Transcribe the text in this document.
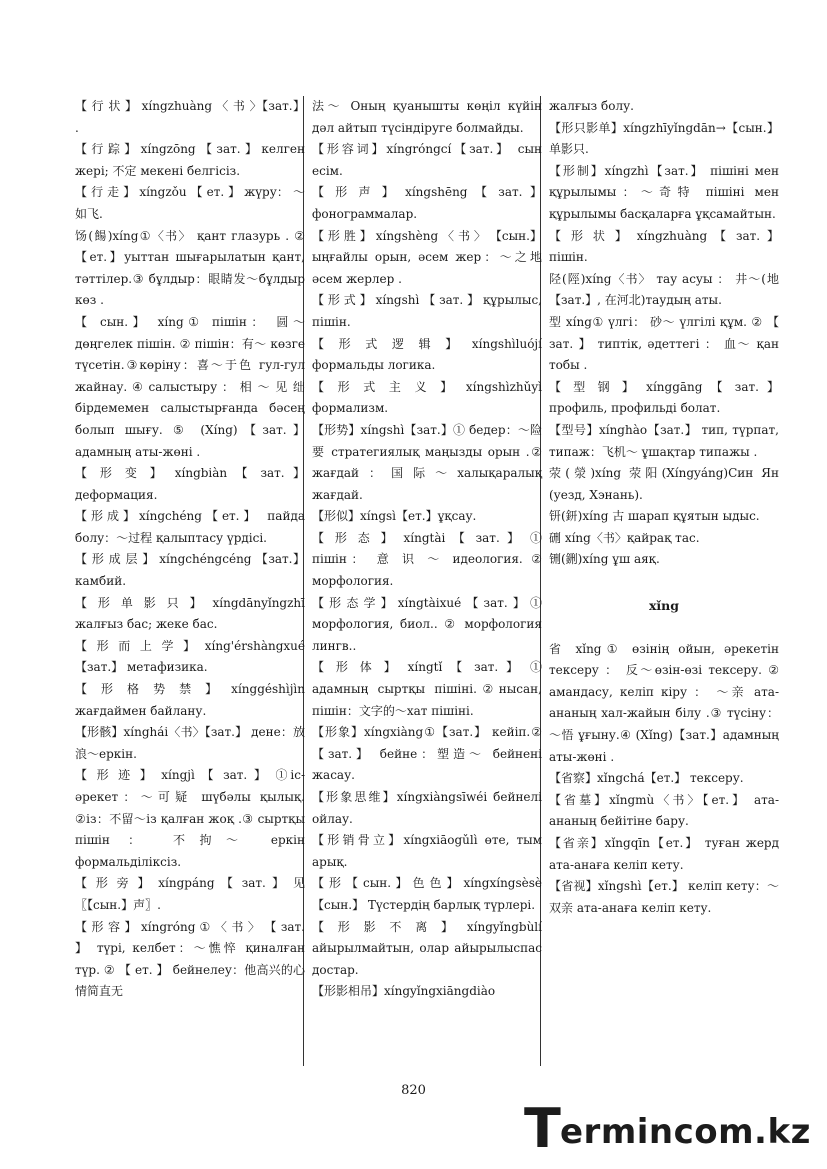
【 行 状 】 xíngzhuàng 〈 书 〉【зат.】 .

【行踪】xíngzōng【зат.】келген жері; 不定 мекені белгісіз.

【 行 走 】 xíngzǒu 【 ет. 】 жүру： ～如飞.

饧(餳)xíng①〈书〉 қант глазурь . ②【ет.】уыттан шығарылатын қант, тәттілер.③ бұлдыр：眼睛发～бұлдыр көз .

【 сын.】 xíng① пішін： 圆～ дөңгелек пішін. ② пішін：有～ көзге түсетін.③көріну：喜～于色 гул-гул жайнау. ④ салыстыру ： 相 ～ 见 绌 бірдемемен салыстырғанда бәсең болып шығу. ⑤ (Xíng)【зат.】адамның аты-жөні .

【 形 变 】 xíngbiàn 【 зат. 】 деформация.

【形成】xíngchéng【ет.】 пайда болу：～过程 қалыптасу үрдісі.

【 形 成 层 】 xíngchéngcéng 【зат.】 камбий.

【 形 单 影 只 】 xíngdānyǐngzhī жалғыз бас; жеке бас.

【 形 而 上 学 】 xíng'érshàngxué 【зат.】 метафизика.

【 形 格 势 禁 】 xínggéshìjìn жағдаймен байлану.

【形骸】xínghái〈书〉【зат.】 дене：放浪～еркін.

【 形 迹 】 xíngjì 【 зат. 】 ①іс-әрекет：～可疑 шүбәлы қылық. ②із：不留～із қалған жоқ .③ сыртқы пішін ： 不拘～ еркін формальділіксіз.

【 形 旁 】 xíngpáng 【 зат. 】 见〖【сын.】声〗.

【 形 容 】 xíngróng ① 〈 书 〉 【 зат. 】 түрі, келбет：～憔悴 қиналған түр. ② 【 ет. 】 бейнелеу：他高兴的心情简直无

法～ Оның қуанышты көңіл күйін дәл айтып түсіндіруге болмайды.

【形容词】xíngróngcí【зат.】 сын есім.

【 形 声 】 xíngshēng 【 зат. 】 фонограммалар.

【 形 胜 】 xíngshèng 〈 书 〉 【сын.】 ыңғайлы орын, әсем жер：～之地 әсем жерлер .

【 形 式 】 xíngshì 【 зат. 】 құрылыс, пішін.

【 形 式 逻 辑 】 xíngshìluójí формальды логика.

【 形 式 主 义 】 xíngshìzhǔyì формализм.

【形势】xíngshì【зат.】① бедер：～险要 стратегиялық маңызды орын .② жағдай：国际～халықаралық жағдай.

【形似】xíngsì【ет.】ұқсау.

【 形 态 】 xíngtài 【 зат. 】 ① пішін： 意 识 ～ идеология. ② морфология.

【形态学】xíngtàixué【зат.】① морфология, биол.. ② морфология лингв..

【 形 体 】 xíngtǐ 【 зат. 】 ① адамның сыртқы пішіні.②нысан, пішін：文字的～хат пішіні.

【形象】xíngxiàng①【зат.】 кейіп.②【зат.】 бейне：塑造～ бейнені жасау.

【形象思维】xíngxiàngsīwéi бейнелі ойлау.

【形销骨立】xíngxiāogǔlì өте, тым арық.

【 形 【 сын. 】 色 色 】 xíngxíngsèsè【сын.】 Түстердің барлық түрлері.

【 形 影 不 离 】 xíngyǐngbùlí айырылмайтын, олар айырылыспас достар.

【形影相吊】xíngyǐngxiāngdiào

жалғыз болу.

【形只影单】xíngzhīyǐngdān→【сын.】单影只.

【形制】xíngzhì【зат.】 пішіні мен құрылымы：～奇特 пішіні мен құрылымы басқаларға ұқсамайтын.

【 形 状 】 xíngzhuàng 【 зат. 】 пішін.

陉(陘)xíng〈书〉 тау асуы ： 井～(地【зат.】, 在河北)таудың аты.

型 xíng① үлгі： 砂～ үлгілі құм. ② 【 зат. 】 типтік, әдеттегі ： 血～ қан тобы .

【 型 钢 】 xínggāng 【 зат. 】 профиль, профильді болат.

【型号】xínghào【зат.】 тип, түрпат, типаж：飞机～ ұшақтар типажы .

荥(滎)xíng 荥阳(Xíngyáng)Син Ян (уезд, Хэнань).

钘(鈃)xíng 古 шарап құятын ыдыс.

硎 xíng〈书〉қайрақ тас.

铏(鉶)xíng ұш аяқ.

xǐng

省 xǐng① өзінің ойын, әрекетін тексеру ： 反～өзін-өзі тексеру. ② амандасу, келіп кіру ： ～亲 ата-ананың хал-жайын білу .③ түсіну： ～悟 ұғыну.④ (Xǐng)【зат.】адамның аты-жөні .

【省察】xǐngchá【ет.】 тексеру.

【省墓】xǐngmù〈书〉【ет.】 ата-ананың бейітіне бару.

【省亲】xǐngqīn【ет.】 туған жерд ата-анаға келіп кету.

【省视】xǐngshì【ет.】 келіп кету：～双亲 ата-анаға келіп кету.

820
T ermincom.kz
